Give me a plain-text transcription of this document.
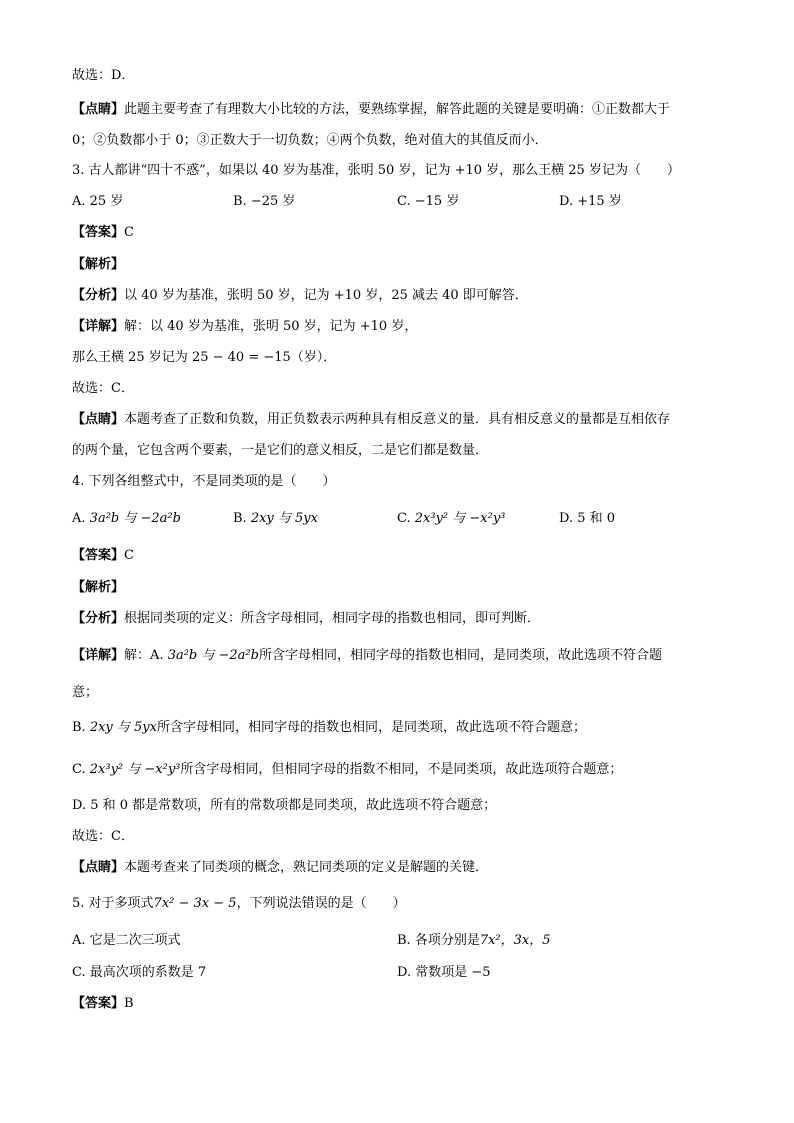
故选：D．
【点睛】此题主要考查了有理数大小比较的方法，要熟练掌握，解答此题的关键是要明确：①正数都大于
0；②负数都小于 0；③正数大于一切负数；④两个负数，绝对值大的其值反而小．
3. 古人都讲“四十不惑”，如果以 40 岁为基准，张明 50 岁，记为 +10 岁，那么王横 25 岁记为（　　）
A. 25 岁	B. −25 岁	C. −15 岁	D. +15 岁
【答案】C
【解析】
【分析】以 40 岁为基准，张明 50 岁，记为 +10 岁，25 减去 40 即可解答．
【详解】解：以 40 岁为基准，张明 50 岁，记为 +10 岁，
那么王横 25 岁记为 25 − 40 = −15（岁）．
故选：C．
【点睛】本题考查了正数和负数，用正负数表示两种具有相反意义的量．具有相反意义的量都是互相依存
的两个量，它包含两个要素，一是它们的意义相反，二是它们都是数量．
4. 下列各组整式中，不是同类项的是（　　）
A. 3a²b 与 −2a²b	B. 2xy 与 5yx	C. 2x³y² 与 −x²y³	D. 5 和 0
【答案】C
【解析】
【分析】根据同类项的定义：所含字母相同，相同字母的指数也相同，即可判断．
【详解】解：A. 3a²b 与 −2a²b所含字母相同，相同字母的指数也相同，是同类项，故此选项不符合题
意；
B. 2xy 与 5yx所含字母相同，相同字母的指数也相同，是同类项，故此选项不符合题意；
C. 2x³y² 与 −x²y³所含字母相同，但相同字母的指数不相同，不是同类项，故此选项符合题意；
D. 5 和 0 都是常数项，所有的常数项都是同类项，故此选项不符合题意；
故选：C．
【点睛】本题考查来了同类项的概念，熟记同类项的定义是解题的关键．
5. 对于多项式7x² − 3x − 5，下列说法错误的是（　　）
A. 它是二次三项式	B. 各项分别是7x²，3x，5
C. 最高次项的系数是 7	D. 常数项是 −5
【答案】B
